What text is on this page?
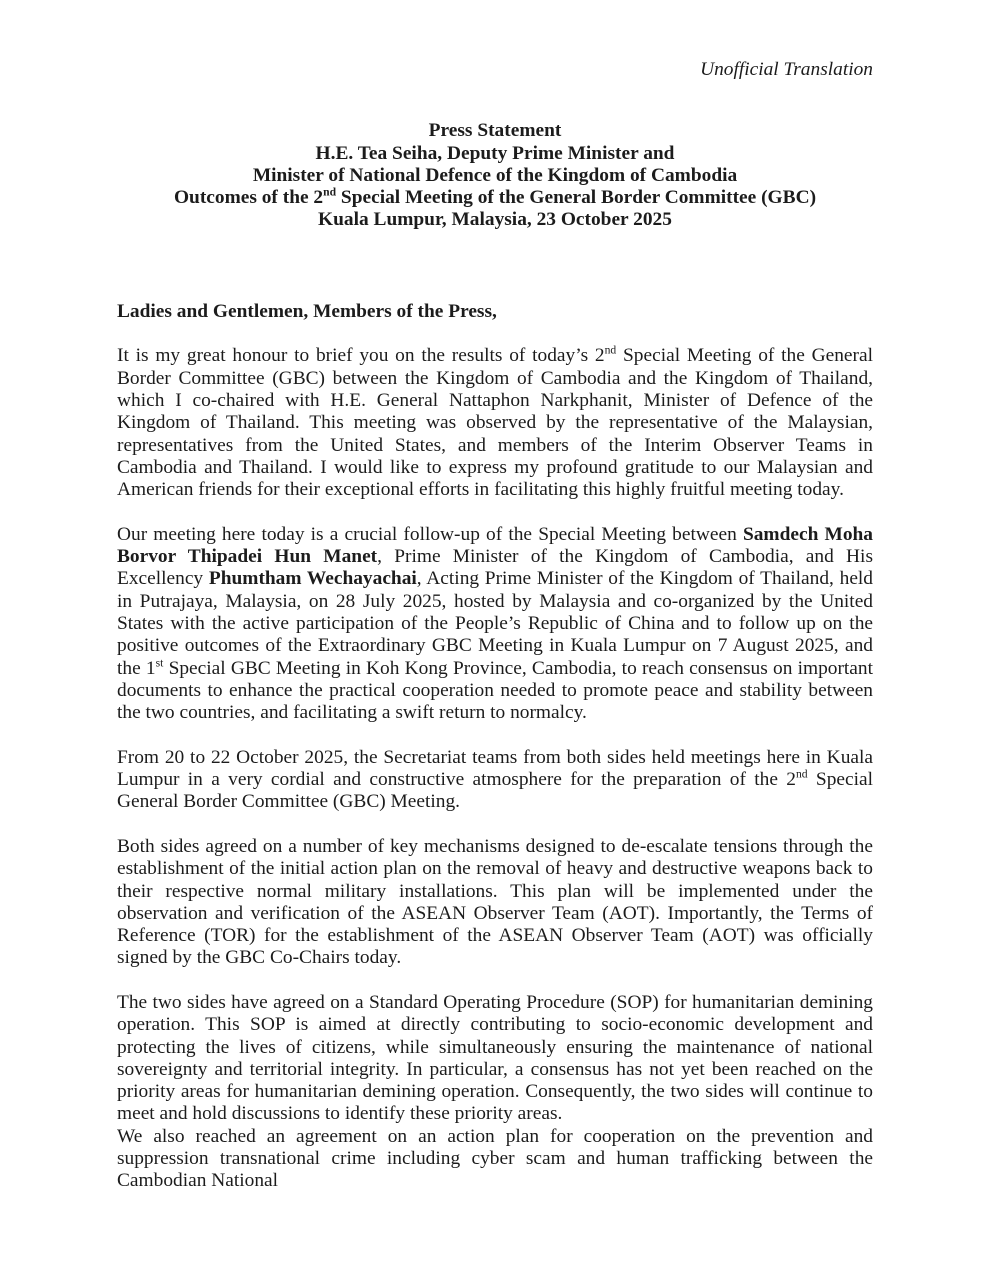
Unofficial Translation
Press Statement
H.E. Tea Seiha, Deputy Prime Minister and
Minister of National Defence of the Kingdom of Cambodia
Outcomes of the 2nd Special Meeting of the General Border Committee (GBC)
Kuala Lumpur, Malaysia, 23 October 2025
Ladies and Gentlemen, Members of the Press,
It is my great honour to brief you on the results of today’s 2nd Special Meeting of the General Border Committee (GBC) between the Kingdom of Cambodia and the Kingdom of Thailand, which I co-chaired with H.E. General Nattaphon Narkphanit, Minister of Defence of the Kingdom of Thailand. This meeting was observed by the representative of the Malaysian, representatives from the United States, and members of the Interim Observer Teams in Cambodia and Thailand. I would like to express my profound gratitude to our Malaysian and American friends for their exceptional efforts in facilitating this highly fruitful meeting today.
Our meeting here today is a crucial follow-up of the Special Meeting between Samdech Moha Borvor Thipadei Hun Manet, Prime Minister of the Kingdom of Cambodia, and His Excellency Phumtham Wechayachai, Acting Prime Minister of the Kingdom of Thailand, held in Putrajaya, Malaysia, on 28 July 2025, hosted by Malaysia and co-organized by the United States with the active participation of the People’s Republic of China and to follow up on the positive outcomes of the Extraordinary GBC Meeting in Kuala Lumpur on 7 August 2025, and the 1st Special GBC Meeting in Koh Kong Province, Cambodia, to reach consensus on important documents to enhance the practical cooperation needed to promote peace and stability between the two countries, and facilitating a swift return to normalcy.
From 20 to 22 October 2025, the Secretariat teams from both sides held meetings here in Kuala Lumpur in a very cordial and constructive atmosphere for the preparation of the 2nd Special General Border Committee (GBC) Meeting.
Both sides agreed on a number of key mechanisms designed to de-escalate tensions through the establishment of the initial action plan on the removal of heavy and destructive weapons back to their respective normal military installations. This plan will be implemented under the observation and verification of the ASEAN Observer Team (AOT). Importantly, the Terms of Reference (TOR) for the establishment of the ASEAN Observer Team (AOT) was officially signed by the GBC Co-Chairs today.
The two sides have agreed on a Standard Operating Procedure (SOP) for humanitarian demining operation. This SOP is aimed at directly contributing to socio-economic development and protecting the lives of citizens, while simultaneously ensuring the maintenance of national sovereignty and territorial integrity. In particular, a consensus has not yet been reached on the priority areas for humanitarian demining operation. Consequently, the two sides will continue to meet and hold discussions to identify these priority areas.
We also reached an agreement on an action plan for cooperation on the prevention and suppression transnational crime including cyber scam and human trafficking between the Cambodian National
